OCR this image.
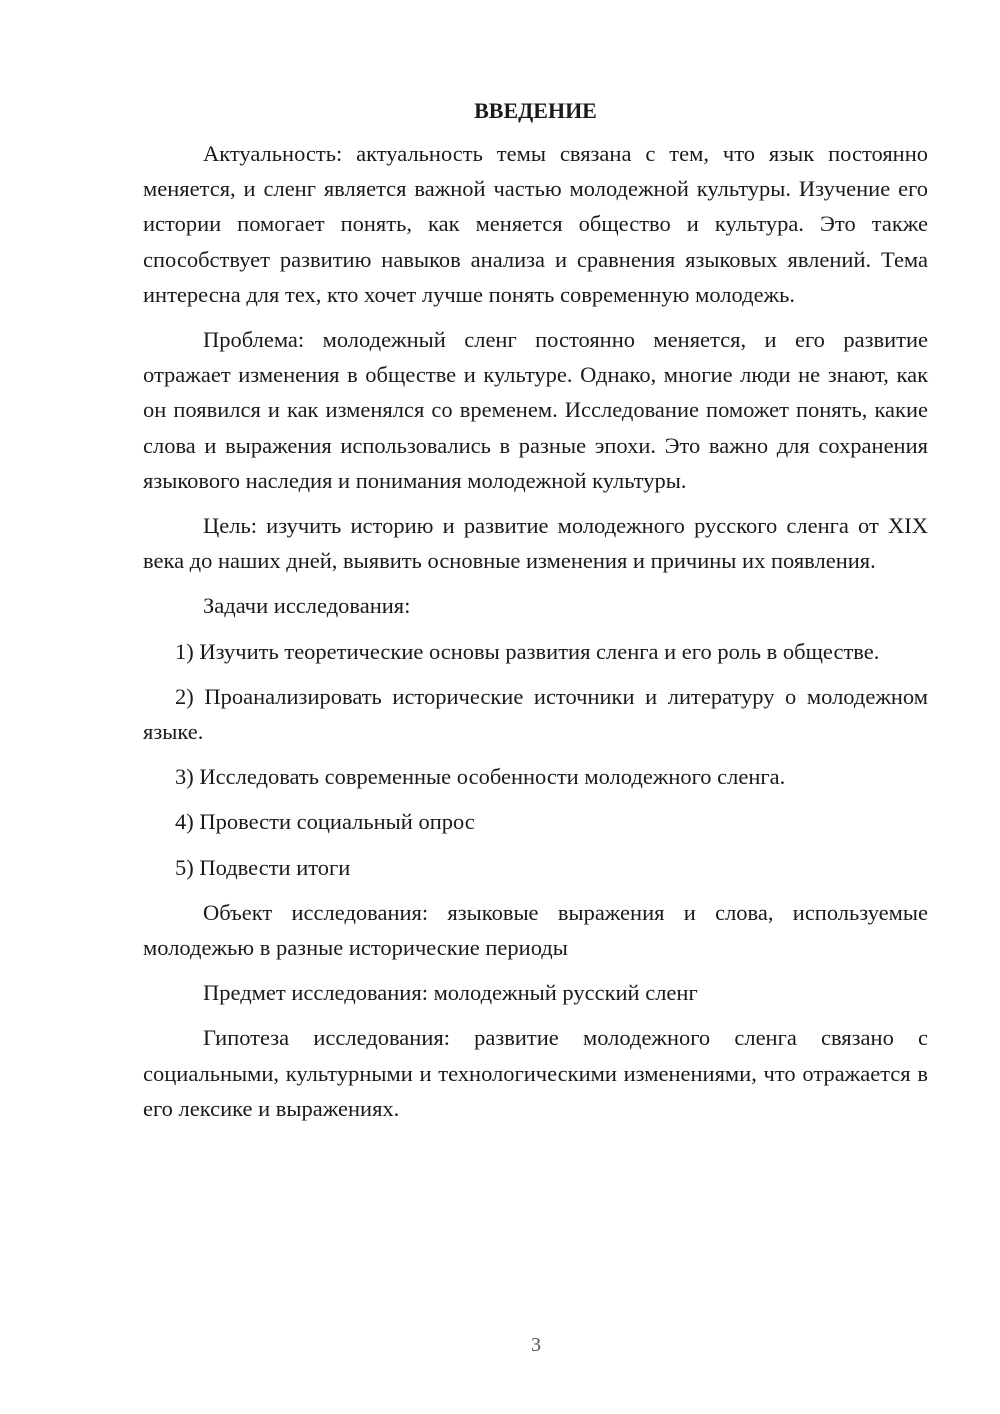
ВВЕДЕНИЕ

Актуальность: актуальность темы связана с тем, что язык постоянно меняется, и сленг является важной частью молодежной культуры. Изучение его истории помогает понять, как меняется общество и культура. Это также способствует развитию навыков анализа и сравнения языковых явлений. Тема интересна для тех, кто хочет лучше понять современную молодежь.

Проблема: молодежный сленг постоянно меняется, и его развитие отражает изменения в обществе и культуре. Однако, многие люди не знают, как он появился и как изменялся со временем. Исследование поможет понять, какие слова и выражения использовались в разные эпохи. Это важно для сохранения языкового наследия и понимания молодежной культуры.

Цель: изучить историю и развитие молодежного русского сленга от XIX века до наших дней, выявить основные изменения и причины их появления.

Задачи исследования:

1) Изучить теоретические основы развития сленга и его роль в обществе.

2) Проанализировать исторические источники и литературу о молодежном языке.

3) Исследовать современные особенности молодежного сленга.

4) Провести социальный опрос

5) Подвести итоги

Объект исследования: языковые выражения и слова, используемые молодежью в разные исторические периоды

Предмет исследования: молодежный русский сленг

Гипотеза исследования: развитие молодежного сленга связано с социальными, культурными и технологическими изменениями, что отражается в его лексике и выражениях.

3
